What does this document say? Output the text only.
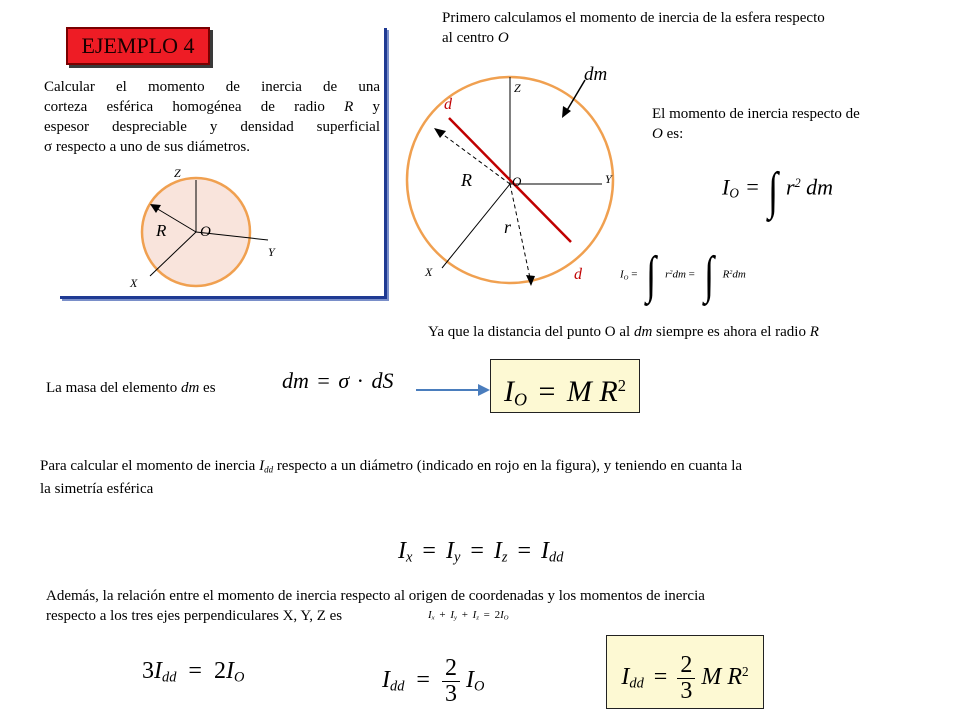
EJEMPLO 4
Calcular el momento de inercia de una
corteza esférica homogénea de radio R y
espesor despreciable y densidad superficial
σ respecto a uno de sus diámetros.
Z
Y
X
O
R
Primero calculamos el momento de inercia de la esfera respecto
al centro O
dm
d
d
Z
Y
X
O
R
r
El momento de inercia respecto de
O es:
$I_O$ = ∫ $r^2$ dm
$I_O$ = ∫ $r^2dm$ = ∫ $R^2dm$
Ya que la distancia del punto O al dm siempre es ahora el radio R
La masa del elemento dm es	dm = σ · dS	$I_O = M$ $R^2$
Para calcular el momento de inercia $I_{dd}$ respecto a un diámetro (indicado en rojo en la figura), y teniendo en cuanta la
la simetría esférica
$I_x = I_y = I_z = I_{dd}$
Además, la relación entre el momento de inercia respecto al origen de coordenadas y los momentos de inercia
respecto a los tres ejes perpendiculares X, Y, Z es	$I_x + I_y + I_z = 2I_O$
$3I_{dd} = 2I_O$	$I_{dd} = \frac{2}{3} I_O$	$I_{dd} = \frac{2}{3}$ M $R^2$
